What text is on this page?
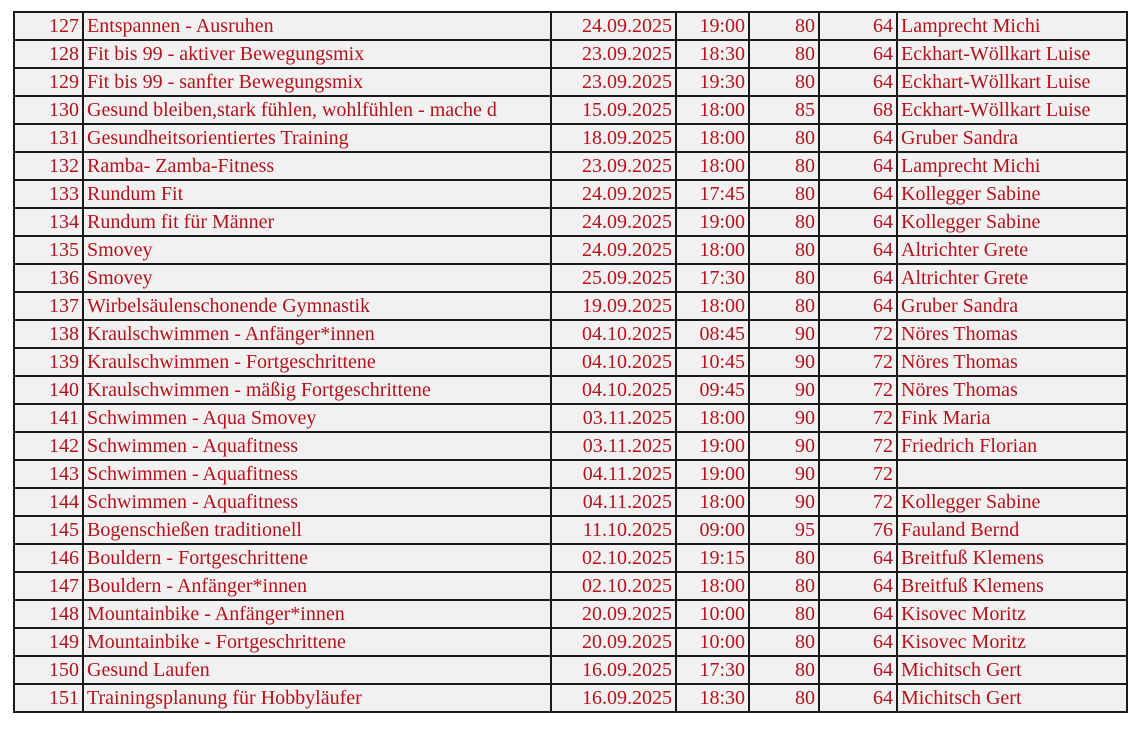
127	Entspannen - Ausruhen	24.09.2025	19:00	80	64	Lamprecht Michi
128	Fit bis 99 - aktiver Bewegungsmix	23.09.2025	18:30	80	64	Eckhart-Wöllkart Luise
129	Fit bis 99 - sanfter Bewegungsmix	23.09.2025	19:30	80	64	Eckhart-Wöllkart Luise
130	Gesund bleiben,stark fühlen, wohlfühlen - mache d	15.09.2025	18:00	85	68	Eckhart-Wöllkart Luise
131	Gesundheitsorientiertes Training	18.09.2025	18:00	80	64	Gruber Sandra
132	Ramba- Zamba-Fitness	23.09.2025	18:00	80	64	Lamprecht Michi
133	Rundum Fit	24.09.2025	17:45	80	64	Kollegger Sabine
134	Rundum fit für Männer	24.09.2025	19:00	80	64	Kollegger Sabine
135	Smovey	24.09.2025	18:00	80	64	Altrichter Grete
136	Smovey	25.09.2025	17:30	80	64	Altrichter Grete
137	Wirbelsäulenschonende Gymnastik	19.09.2025	18:00	80	64	Gruber Sandra
138	Kraulschwimmen - Anfänger*innen	04.10.2025	08:45	90	72	Nöres Thomas
139	Kraulschwimmen - Fortgeschrittene	04.10.2025	10:45	90	72	Nöres Thomas
140	Kraulschwimmen - mäßig Fortgeschrittene	04.10.2025	09:45	90	72	Nöres Thomas
141	Schwimmen - Aqua Smovey	03.11.2025	18:00	90	72	Fink Maria
142	Schwimmen - Aquafitness	03.11.2025	19:00	90	72	Friedrich Florian
143	Schwimmen - Aquafitness	04.11.2025	19:00	90	72	
144	Schwimmen - Aquafitness	04.11.2025	18:00	90	72	Kollegger Sabine
145	Bogenschießen traditionell	11.10.2025	09:00	95	76	Fauland Bernd
146	Bouldern - Fortgeschrittene	02.10.2025	19:15	80	64	Breitfuß Klemens
147	Bouldern - Anfänger*innen	02.10.2025	18:00	80	64	Breitfuß Klemens
148	Mountainbike - Anfänger*innen	20.09.2025	10:00	80	64	Kisovec Moritz
149	Mountainbike - Fortgeschrittene	20.09.2025	10:00	80	64	Kisovec Moritz
150	Gesund Laufen	16.09.2025	17:30	80	64	Michitsch Gert
151	Trainingsplanung für Hobbyläufer	16.09.2025	18:30	80	64	Michitsch Gert
